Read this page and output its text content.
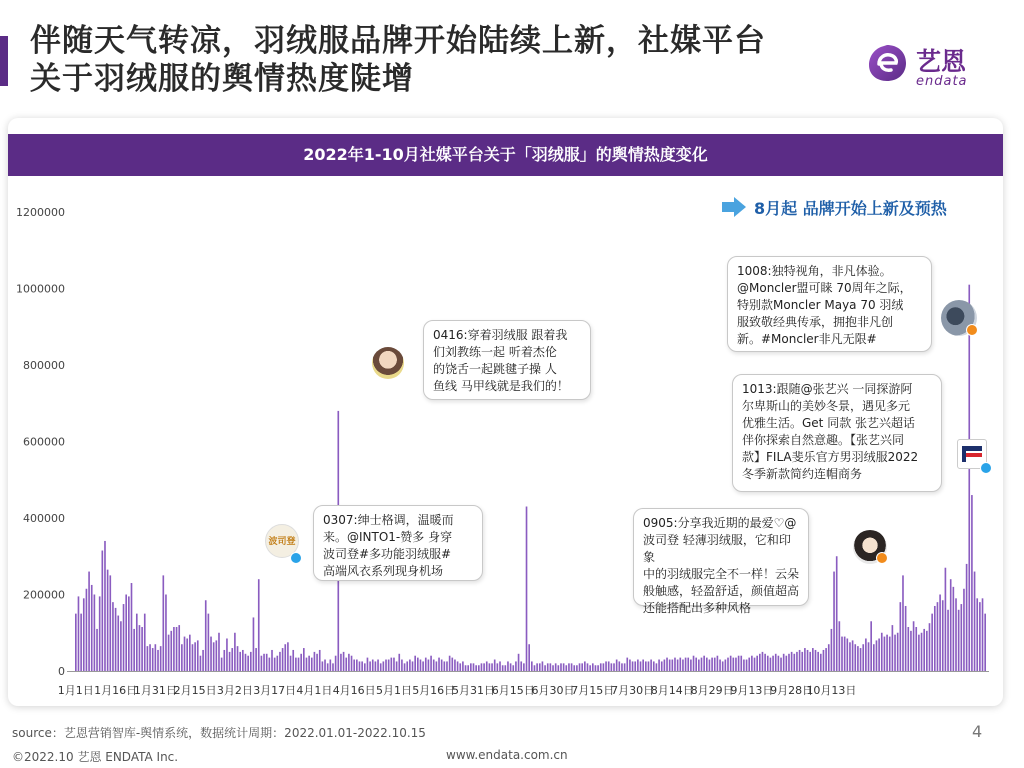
伴随天气转凉，羽绒服品牌开始陆续上新，社媒平台
关于羽绒服的舆情热度陡增	艺恩
endata
2022年1-10月社媒平台关于「羽绒服」的舆情热度变化
1200000
1000000
800000
600000
400000
200000
0
1月1日 1月16日
1月31日
2月15日 3月2日 3月17日 4月1日 4月16日 5月1日 5月16日
5月31日
6月15日
6月30日
7月15日
7月30日
8月14日
8月29日
9月13日
9月28日
10月13日
8月起 品牌开始上新及预热
0307:绅士格调，温暖而
来。@INTO1-赞多 身穿
波司登#多功能羽绒服#
高端风衣系列现身机场
0416:穿着羽绒服 跟着我
们刘教练一起 听着杰伦
的饶舌一起跳毽子操 人
鱼线 马甲线就是我们的！
1008:独特视角，非凡体验。
@Moncler盟可睐 70周年之际，
特别款Moncler Maya 70 羽绒
服致敬经典传承，拥抱非凡创
新。#Moncler非凡无限#
1013:跟随@张艺兴 一同探游阿
尔卑斯山的美妙冬景，遇见多元
优雅生活。Get 同款 张艺兴超话
伴你探索自然意趣。【张艺兴同
款】FILA斐乐官方男羽绒服2022
冬季新款简约连帽商务
0905:分享我近期的最爱♡@
波司登 轻薄羽绒服，它和印象
中的羽绒服完全不一样！云朵
般触感，轻盈舒适，颜值超高
还能搭配出多种风格
波司登
source：艺恩营销智库-舆情系统，数据统计周期：2022.01.01-2022.10.15	4
©2022.10 艺恩 ENDATA Inc.	www.endata.com.cn
